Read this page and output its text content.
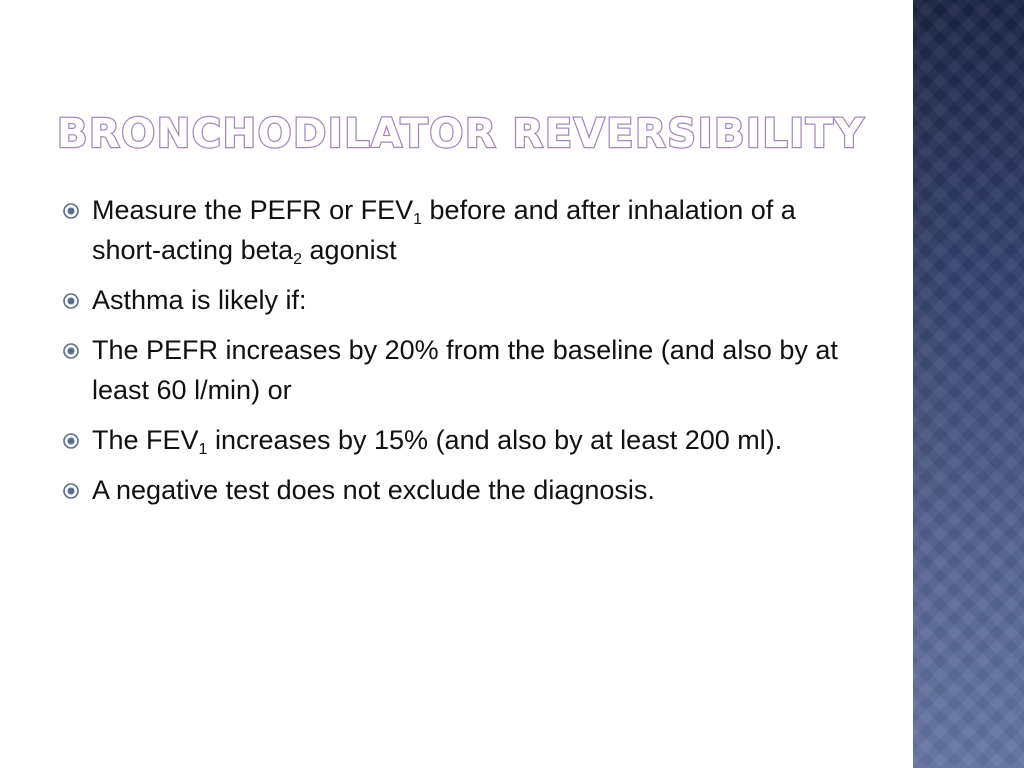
BRONCHODILATOR REVERSIBILITY
Measure the PEFR or $FEV_1$ before and after inhalation of a short-acting beta$_2$ agonist
Asthma is likely if:
The PEFR increases by 20% from the baseline (and also by at least 60 l/min) or
The $FEV_1$ increases by 15% (and also by at least 200 ml).
A negative test does not exclude the diagnosis.
